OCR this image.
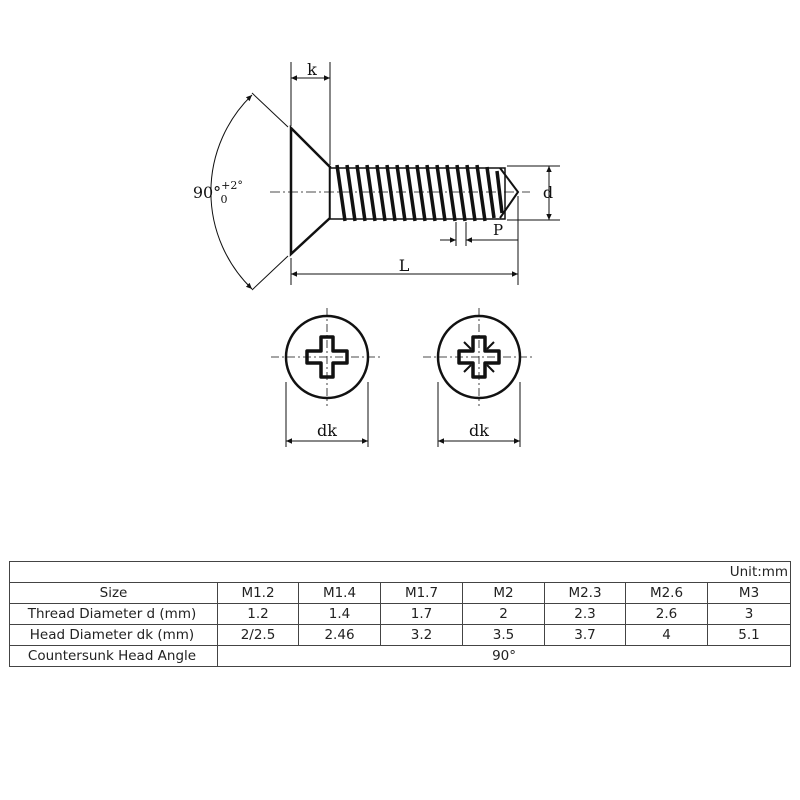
k
90° +2°
0	d
P
L
dk	dk
Unit:mm							
Size	M1.2	M1.4	M1.7	M2	M2.3	M2.6	M3
Thread Diameter d (mm)	1.2	1.4	1.7	2	2.3	2.6	3
Head Diameter dk (mm)	2/2.5	2.46	3.2	3.5	3.7	4	5.1
Countersunk Head Angle	90°						
